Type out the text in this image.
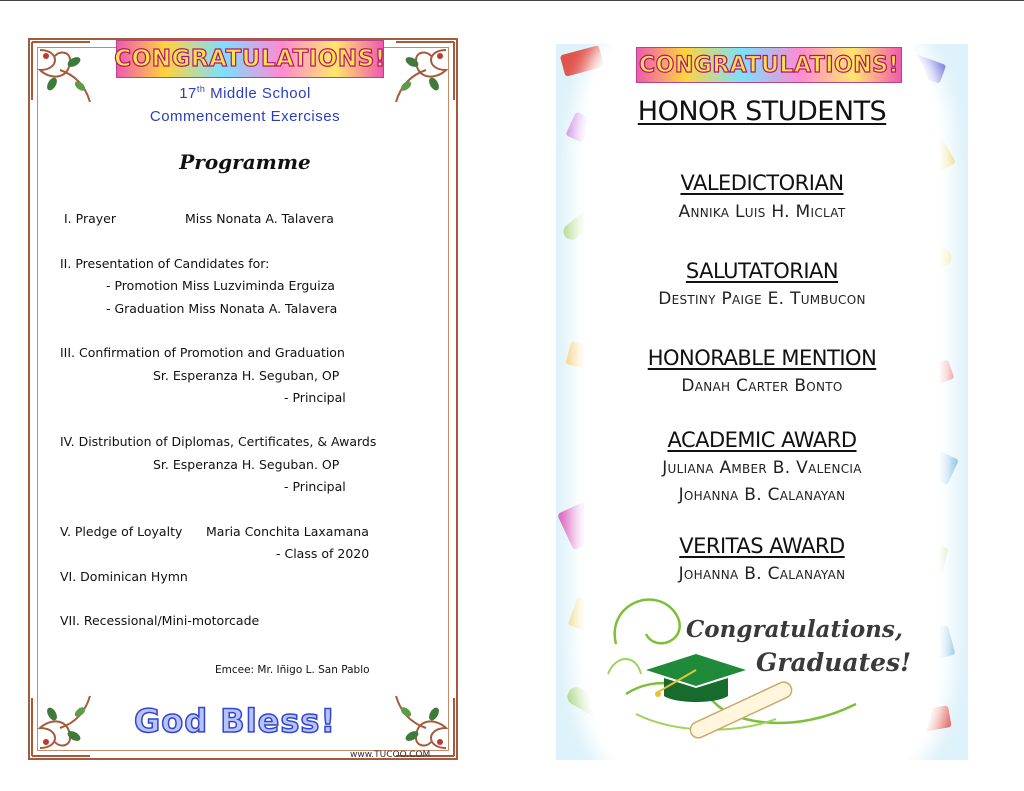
CONGRATULATIONS!
17th Middle School
Commencement Exercises
Programme
I. Prayer	Miss Nonata A. Talavera
II. Presentation of Candidates for:
- Promotion Miss Luzviminda Erguiza
- Graduation Miss Nonata A. Talavera
III. Confirmation of Promotion and Graduation
Sr. Esperanza H. Seguban, OP
- Principal
IV. Distribution of Diplomas, Certificates, & Awards
Sr. Esperanza H. Seguban. OP
- Principal
V. Pledge of Loyalty Maria Conchita Laxamana
- Class of 2020
VI. Dominican Hymn
VII. Recessional/Mini-motorcade
Emcee: Mr. Iñigo L. San Pablo
God Bless!
www.TUCOO.COM
CONGRATULATIONS!
HONOR STUDENTS
VALEDICTORIAN
Annika Luis H. Miclat
SALUTATORIAN
Destiny Paige E. Tumbucon
HONORABLE MENTION
Danah Carter Bonto
ACADEMIC AWARD
Juliana Amber B. Valencia
Johanna B. Calanayan
VERITAS AWARD
Johanna B. Calanayan
Congratulations,
Graduates!
